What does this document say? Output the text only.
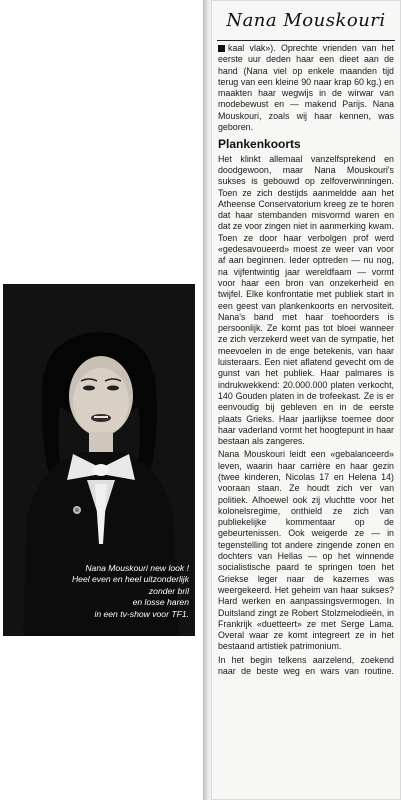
Nana Mouskouri new look !
Heel even en heel uitzonderlijk
zonder bril
en losse haren
in een tv-show voor TF1.
Nana Mouskouri

kaal vlak»). Oprechte vrienden van het eerste uur deden haar een dieet aan de hand (Nana viel op enkele maanden tijd terug van een kleine 90 naar krap 60 kg.) en maakten haar wegwijs in de wirwar van modebewust en — makend Parijs. Nana Mouskouri, zoals wij haar kennen, was geboren.

Plankenkoorts

Het klinkt allemaal vanzelfsprekend en doodgewoon, maar Nana Mouskouri's sukses is gebouwd op zelfoverwinningen. Toen ze zich destijds aanmeldde aan het Atheense Conservatorium kreeg ze te horen dat haar stembanden misvormd waren en dat ze voor zingen niet in aanmerking kwam. Toen ze door haar verbolgen prof werd «gedesavoueerd» moest ze weer van voor af aan beginnen. Ieder optreden — nu nog, na vijfentwintig jaar wereldfaam — vormt voor haar een bron van onzekerheid en twijfel. Elke konfrontatie met publiek start in een geest van plankenkoorts en nervositeit. Nana's band met haar toehoorders is persoonlijk. Ze komt pas tot bloei wanneer ze zich verzekerd weet van de sympatie, het meevoelen in de enge betekenis, van haar luisteraars. Een niet aflatend gevecht om de gunst van het publiek. Haar palmares is indrukwekkend: 20.000.000 platen verkocht, 140 Gouden platen in de trofeekast. Ze is er eenvoudig bij gebleven en in de eerste plaats Grieks. Haar jaarlijkse toernee door haar vaderland vormt het hoogtepunt in haar bestaan als zangeres.

Nana Mouskouri leidt een «gebalanceerd» leven, waarin haar carrière en haar gezin (twee kinderen, Nicolas 17 en Helena 14) vooraan staan. Ze houdt zich ver van politiek. Alhoewel ook zij vluchtte voor het kolonelsregime, onthield ze zich van publiekelijke kommentaar op de gebeurtenissen. Ook weigerde ze — in tegenstelling tot andere zingende zonen en dochters van Hellas — op het winnende socialistische paard te springen toen het Griekse leger naar de kazernes was weergekeerd. Het geheim van haar sukses? Hard werken en aanpassingsvermogen. In Duitsland zingt ze Robert Stolzmelodieën, in Frankrijk «duetteert» ze met Serge Lama. Overal waar ze komt integreert ze in het bestaand artistiek patrimonium.

In het begin telkens aarzelend, zoekend naar de beste weg en wars van routine.
